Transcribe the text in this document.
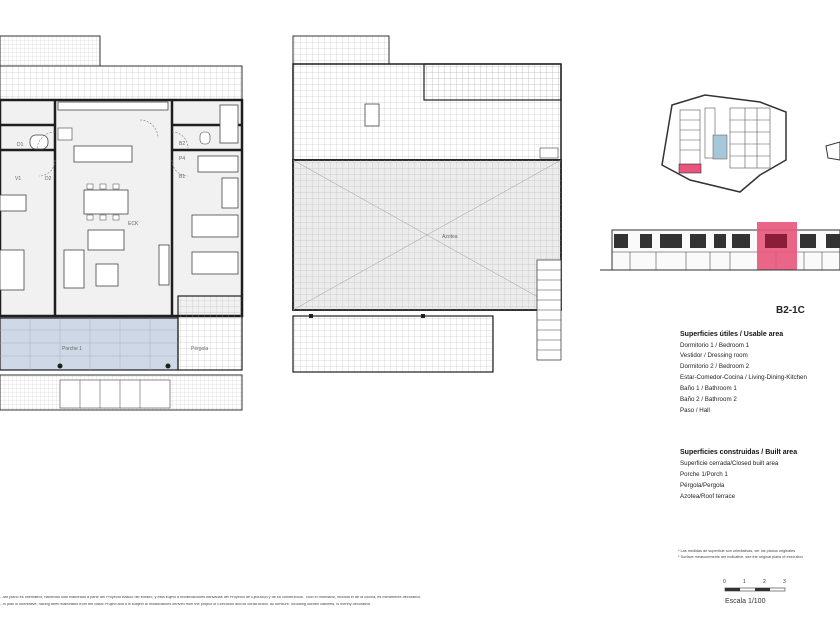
D1
V1	D2
P4
B2
B1
ECK
Porche 1	Pérgola
Azotea
B2-1C
Superficies útiles / Usable area
Dormitorio 1 / Bedroom 1
Vestidor / Dressing room
Dormitorio 2 / Bedroom 2
Estar-Comedor-Cocina / Living-Dining-Kitchen
Baño 1 / Bathroom 1
Baño 2 / Bathroom 2
Paso / Hall
Superficies construidas / Built area
Superficie cerrada/Closed built area
Porche 1/Porch 1
Pérgola/Pergola
Azotea/Roof terrace
* Las medidas de superficie son orientativas, ver los planos originales
* Surface measurements are indicative, see the original plans of execution
0	1	2	3
Escala 1/100
...ste plano es orientativo, habiendo sido elaborado a partir del Proyecto Básico del edificio, y está sujeto a modificaciones derivadas del Proyecto de Ejecución y de su construcción. Todo el mobiliario, incluido el de la cocina, es meramente decorativo.
...is plan is orientative, having been elaborated from the Basic Project and it is subject to modifications derived from the project of Execution and its construction. All furniture, including kitchen cabinets, is merely decorative.
